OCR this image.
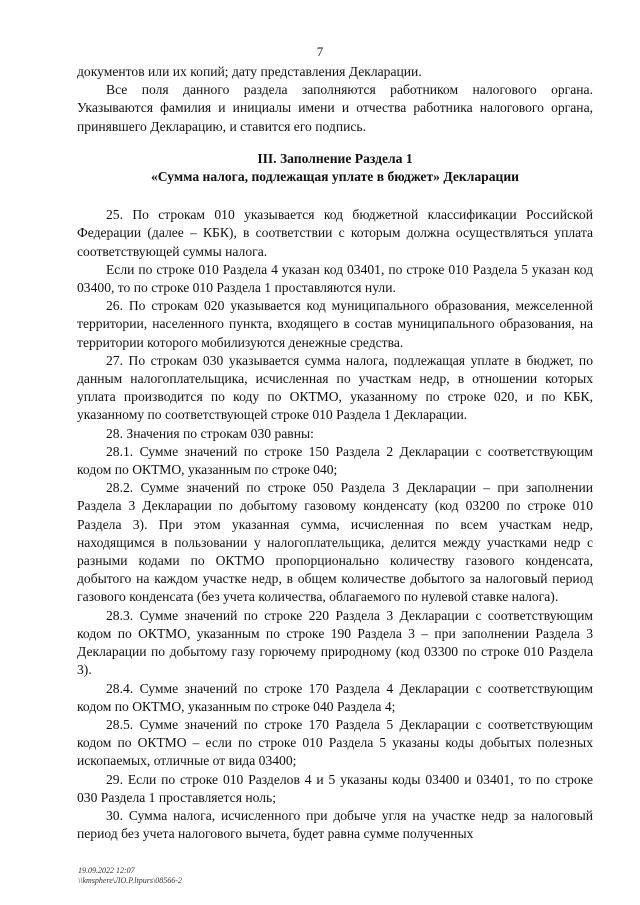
7

документов или их копий; дату представления Декларации.

Все поля данного раздела заполняются работником налогового органа. Указываются фамилия и инициалы имени и отчества работника налогового органа, принявшего Декларацию, и ставится его подпись.

III. Заполнение Раздела 1

«Сумма налога, подлежащая уплате в бюджет» Декларации

25. По строкам 010 указывается код бюджетной классификации Российской Федерации (далее – КБК), в соответствии с которым должна осуществляться уплата соответствующей суммы налога.

Если по строке 010 Раздела 4 указан код 03401, по строке 010 Раздела 5 указан код 03400, то по строке 010 Раздела 1 проставляются нули.

26. По строкам 020 указывается код муниципального образования, межселенной территории, населенного пункта, входящего в состав муниципального образования, на территории которого мобилизуются денежные средства.

27. По строкам 030 указывается сумма налога, подлежащая уплате в бюджет, по данным налогоплательщика, исчисленная по участкам недр, в отношении которых уплата производится по коду по ОКТМО, указанному по строке 020, и по КБК, указанному по соответствующей строке 010 Раздела 1 Декларации.

28. Значения по строкам 030 равны:

28.1. Сумме значений по строке 150 Раздела 2 Декларации с соответствующим кодом по ОКТМО, указанным по строке 040;

28.2. Сумме значений по строке 050 Раздела 3 Декларации – при заполнении Раздела 3 Декларации по добытому газовому конденсату (код 03200 по строке 010 Раздела 3). При этом указанная сумма, исчисленная по всем участкам недр, находящимся в пользовании у налогоплательщика, делится между участками недр с разными кодами по ОКТМО пропорционально количеству газового конденсата, добытого на каждом участке недр, в общем количестве добытого за налоговый период газового конденсата (без учета количества, облагаемого по нулевой ставке налога).

28.3. Сумме значений по строке 220 Раздела 3 Декларации с соответствующим кодом по ОКТМО, указанным по строке 190 Раздела 3 – при заполнении Раздела 3 Декларации по добытому газу горючему природному (код 03300 по строке 010 Раздела 3).

28.4. Сумме значений по строке 170 Раздела 4 Декларации с соответствующим кодом по ОКТМО, указанным по строке 040 Раздела 4;

28.5. Сумме значений по строке 170 Раздела 5 Декларации с соответствующим кодом по ОКТМО – если по строке 010 Раздела 5 указаны коды добытых полезных ископаемых, отличные от вида 03400;

29. Если по строке 010 Разделов 4 и 5 указаны коды 03400 и 03401, то по строке 030 Раздела 1 проставляется ноль;

30. Сумма налога, исчисленного при добыче угля на участке недр за налоговый период без учета налогового вычета, будет равна сумме полученных

19.09.2022 12:07
\\kmsphere\ЛО.Р.ltpurs\08566-2
